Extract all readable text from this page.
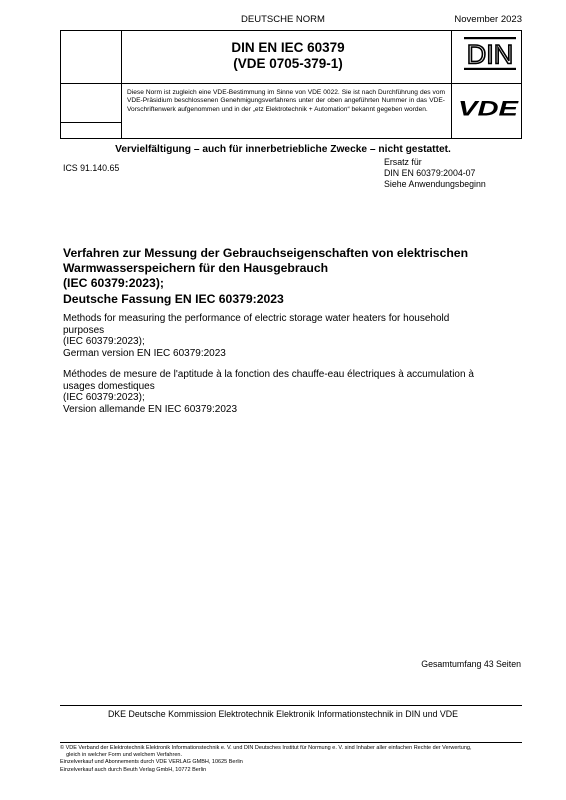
DEUTSCHE NORM	November 2023
DIN EN IEC 60379
(VDE 0705-379-1)	DIN
Diese Norm ist zugleich eine VDE-Bestimmung im Sinne von VDE 0022. Sie ist nach Durchführung des vom VDE-Präsidium beschlossenen Genehmigungsverfahrens unter der oben angeführten Nummer in das VDE-Vorschriftenwerk aufgenommen und in der „etz Elektrotechnik + Automation“ bekannt gegeben worden.	VDE
Vervielfältigung – auch für innerbetriebliche Zwecke – nicht gestattet.
ICS 91.140.65
Ersatz für
DIN EN 60379:2004-07
Siehe Anwendungsbeginn
Verfahren zur Messung der Gebrauchseigenschaften von elektrischen
Warmwasserspeichern für den Hausgebrauch
(IEC 60379:2023);
Deutsche Fassung EN IEC 60379:2023
Methods for measuring the performance of electric storage water heaters for household
purposes
(IEC 60379:2023);
German version EN IEC 60379:2023
Méthodes de mesure de l'aptitude à la fonction des chauffe-eau électriques à accumulation à
usages domestiques
(IEC 60379:2023);
Version allemande EN IEC 60379:2023
Gesamtumfang 43 Seiten
DKE Deutsche Kommission Elektrotechnik Elektronik Informationstechnik in DIN und VDE
© VDE Verband der Elektrotechnik Elektronik Informationstechnik e. V. und DIN Deutsches Institut für Normung e. V. sind Inhaber aller einfachen Rechte der Verwertung,
gleich in welcher Form und welchem Verfahren.
Einzelverkauf und Abonnements durch VDE VERLAG GMBH, 10625 Berlin
Einzelverkauf auch durch Beuth Verlag GmbH, 10772 Berlin
